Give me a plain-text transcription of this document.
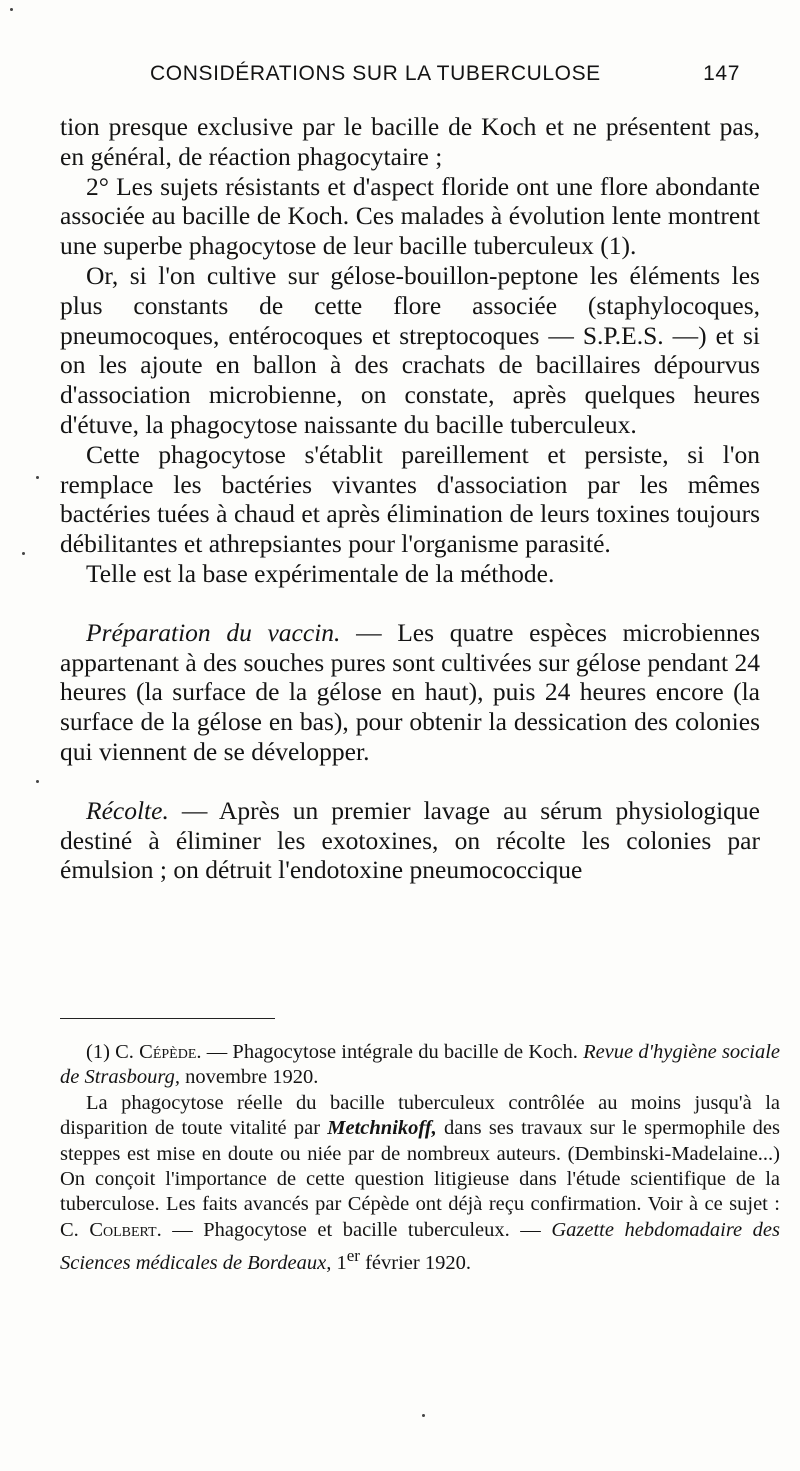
CONSIDÉRATIONS SUR LA TUBERCULOSE	147

tion presque exclusive par le bacille de Koch et ne présentent pas, en général, de réaction phagocytaire ;

2° Les sujets résistants et d'aspect floride ont une flore abondante associée au bacille de Koch. Ces malades à évolution lente montrent une superbe phagocytose de leur bacille tuberculeux (1).

Or, si l'on cultive sur gélose-bouillon-peptone les éléments les plus constants de cette flore associée (staphylocoques, pneumocoques, entérocoques et streptocoques — S.P.E.S. —) et si on les ajoute en ballon à des crachats de bacillaires dépourvus d'association microbienne, on constate, après quelques heures d'étuve, la phagocytose naissante du bacille tuberculeux.

Cette phagocytose s'établit pareillement et persiste, si l'on remplace les bactéries vivantes d'association par les mêmes bactéries tuées à chaud et après élimination de leurs toxines toujours débilitantes et athrepsiantes pour l'organisme parasité.

Telle est la base expérimentale de la méthode.

Préparation du vaccin. — Les quatre espèces microbiennes appartenant à des souches pures sont cultivées sur gélose pendant 24 heures (la surface de la gélose en haut), puis 24 heures encore (la surface de la gélose en bas), pour obtenir la dessication des colonies qui viennent de se développer.

Récolte. — Après un premier lavage au sérum physiologique destiné à éliminer les exotoxines, on récolte les colonies par émulsion ; on détruit l'endotoxine pneumococcique

(1) C. Cépède. — Phagocytose intégrale du bacille de Koch. Revue d'hygiène sociale de Strasbourg, novembre 1920.

La phagocytose réelle du bacille tuberculeux contrôlée au moins jusqu'à la disparition de toute vitalité par Metchnikoff, dans ses travaux sur le spermophile des steppes est mise en doute ou niée par de nombreux auteurs. (Dembinski-Madelaine...) On conçoit l'importance de cette question litigieuse dans l'étude scientifique de la tuberculose. Les faits avancés par Cépède ont déjà reçu confirmation. Voir à ce sujet : C. Colbert. — Phagocytose et bacille tuberculeux. — Gazette hebdomadaire des Sciences médicales de Bordeaux, 1er février 1920.
